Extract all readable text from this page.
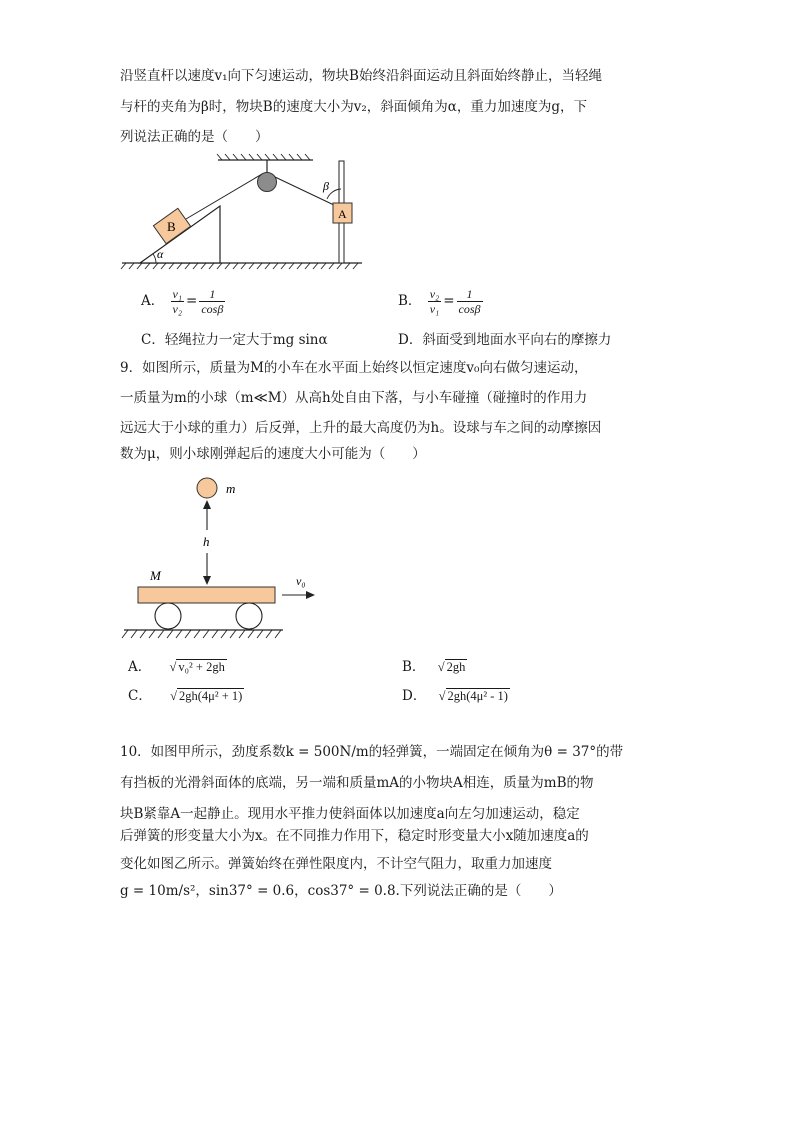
沿竖直杆以速度v₁向下匀速运动，物块B始终沿斜面运动且斜面始终静止，当轻绳
与杆的夹角为β时，物块B的速度大小为v₂，斜面倾角为α，重力加速度为g，下
列说法正确的是（　　）
α
B
β
A
A． $\frac{\text{v₁}}{\text{v₂}} = \frac{1}{\cos\beta}$	B． $\frac{\text{v₂}}{\text{v₁}} = \frac{1}{\cos\beta}$
C．轻绳拉力一定大于mg sinα	D．斜面受到地面水平向右的摩擦力
9．如图所示，质量为M的小车在水平面上始终以恒定速度v₀向右做匀速运动，
一质量为m的小球（m≪M）从高h处自由下落，与小车碰撞（碰撞时的作用力
远远大于小球的重力）后反弹，上升的最大高度仍为h。设球与车之间的动摩擦因
数为μ，则小球刚弹起后的速度大小可能为（　　）
m
h
M	v₀
A． √ v₀² + 2gh	B． √ 2gh
C． √ 2gh(4μ² + 1)	D． √ 2gh(4μ² - 1)
10．如图甲所示，劲度系数k = 500N/m的轻弹簧，一端固定在倾角为θ = 37°的带
有挡板的光滑斜面体的底端，另一端和质量mA的小物块A相连，质量为mB的物
块B紧靠A一起静止。现用水平推力使斜面体以加速度a向左匀加速运动，稳定
后弹簧的形变量大小为x。在不同推力作用下，稳定时形变量大小x随加速度a的
变化如图乙所示。弹簧始终在弹性限度内，不计空气阻力，取重力加速度
g = 10m/s²，sin37° = 0.6，cos37° = 0.8.下列说法正确的是（　　）
